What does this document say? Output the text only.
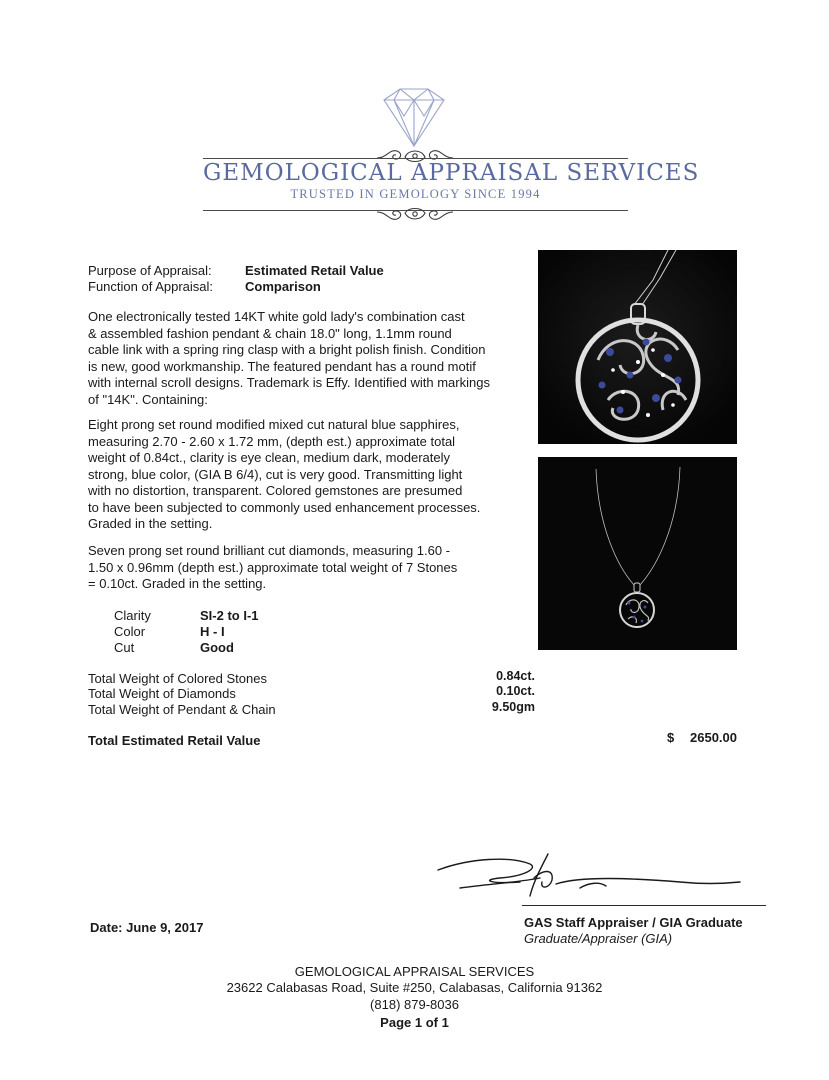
GEMOLOGICAL APPRAISAL SERVICES
TRUSTED IN GEMOLOGY SINCE 1994
Purpose of Appraisal:	Estimated Retail Value
Function of Appraisal: Comparison
One electronically tested 14KT white gold lady's combination cast
& assembled fashion pendant & chain 18.0" long, 1.1mm round
cable link with a spring ring clasp with a bright polish finish. Condition
is new, good workmanship. The featured pendant has a round motif
with internal scroll designs. Trademark is Effy. Identified with markings
of "14K". Containing:
Eight prong set round modified mixed cut natural blue sapphires,
measuring 2.70 - 2.60 x 1.72 mm, (depth est.) approximate total
weight of 0.84ct., clarity is eye clean, medium dark, moderately
strong, blue color, (GIA B 6/4), cut is very good. Transmitting light
with no distortion, transparent. Colored gemstones are presumed
to have been subjected to commonly used enhancement processes.
Graded in the setting.
Seven prong set round brilliant cut diamonds, measuring 1.60 -
1.50 x 0.96mm (depth est.) approximate total weight of 7 Stones
= 0.10ct. Graded in the setting.
Clarity	SI-2 to I-1
Color	H - I
Cut	Good
Total Weight of Colored Stones	0.84ct.
Total Weight of Diamonds	0.10ct.
Total Weight of Pendant & Chain	9.50gm
Total Estimated Retail Value	$ 2650.00
GAS Staff Appraiser / GIA Graduate
Graduate/Appraiser (GIA)
Date: June 9, 2017
GEMOLOGICAL APPRAISAL SERVICES
23622 Calabasas Road, Suite #250, Calabasas, California 91362
(818) 879-8036
Page 1 of 1
